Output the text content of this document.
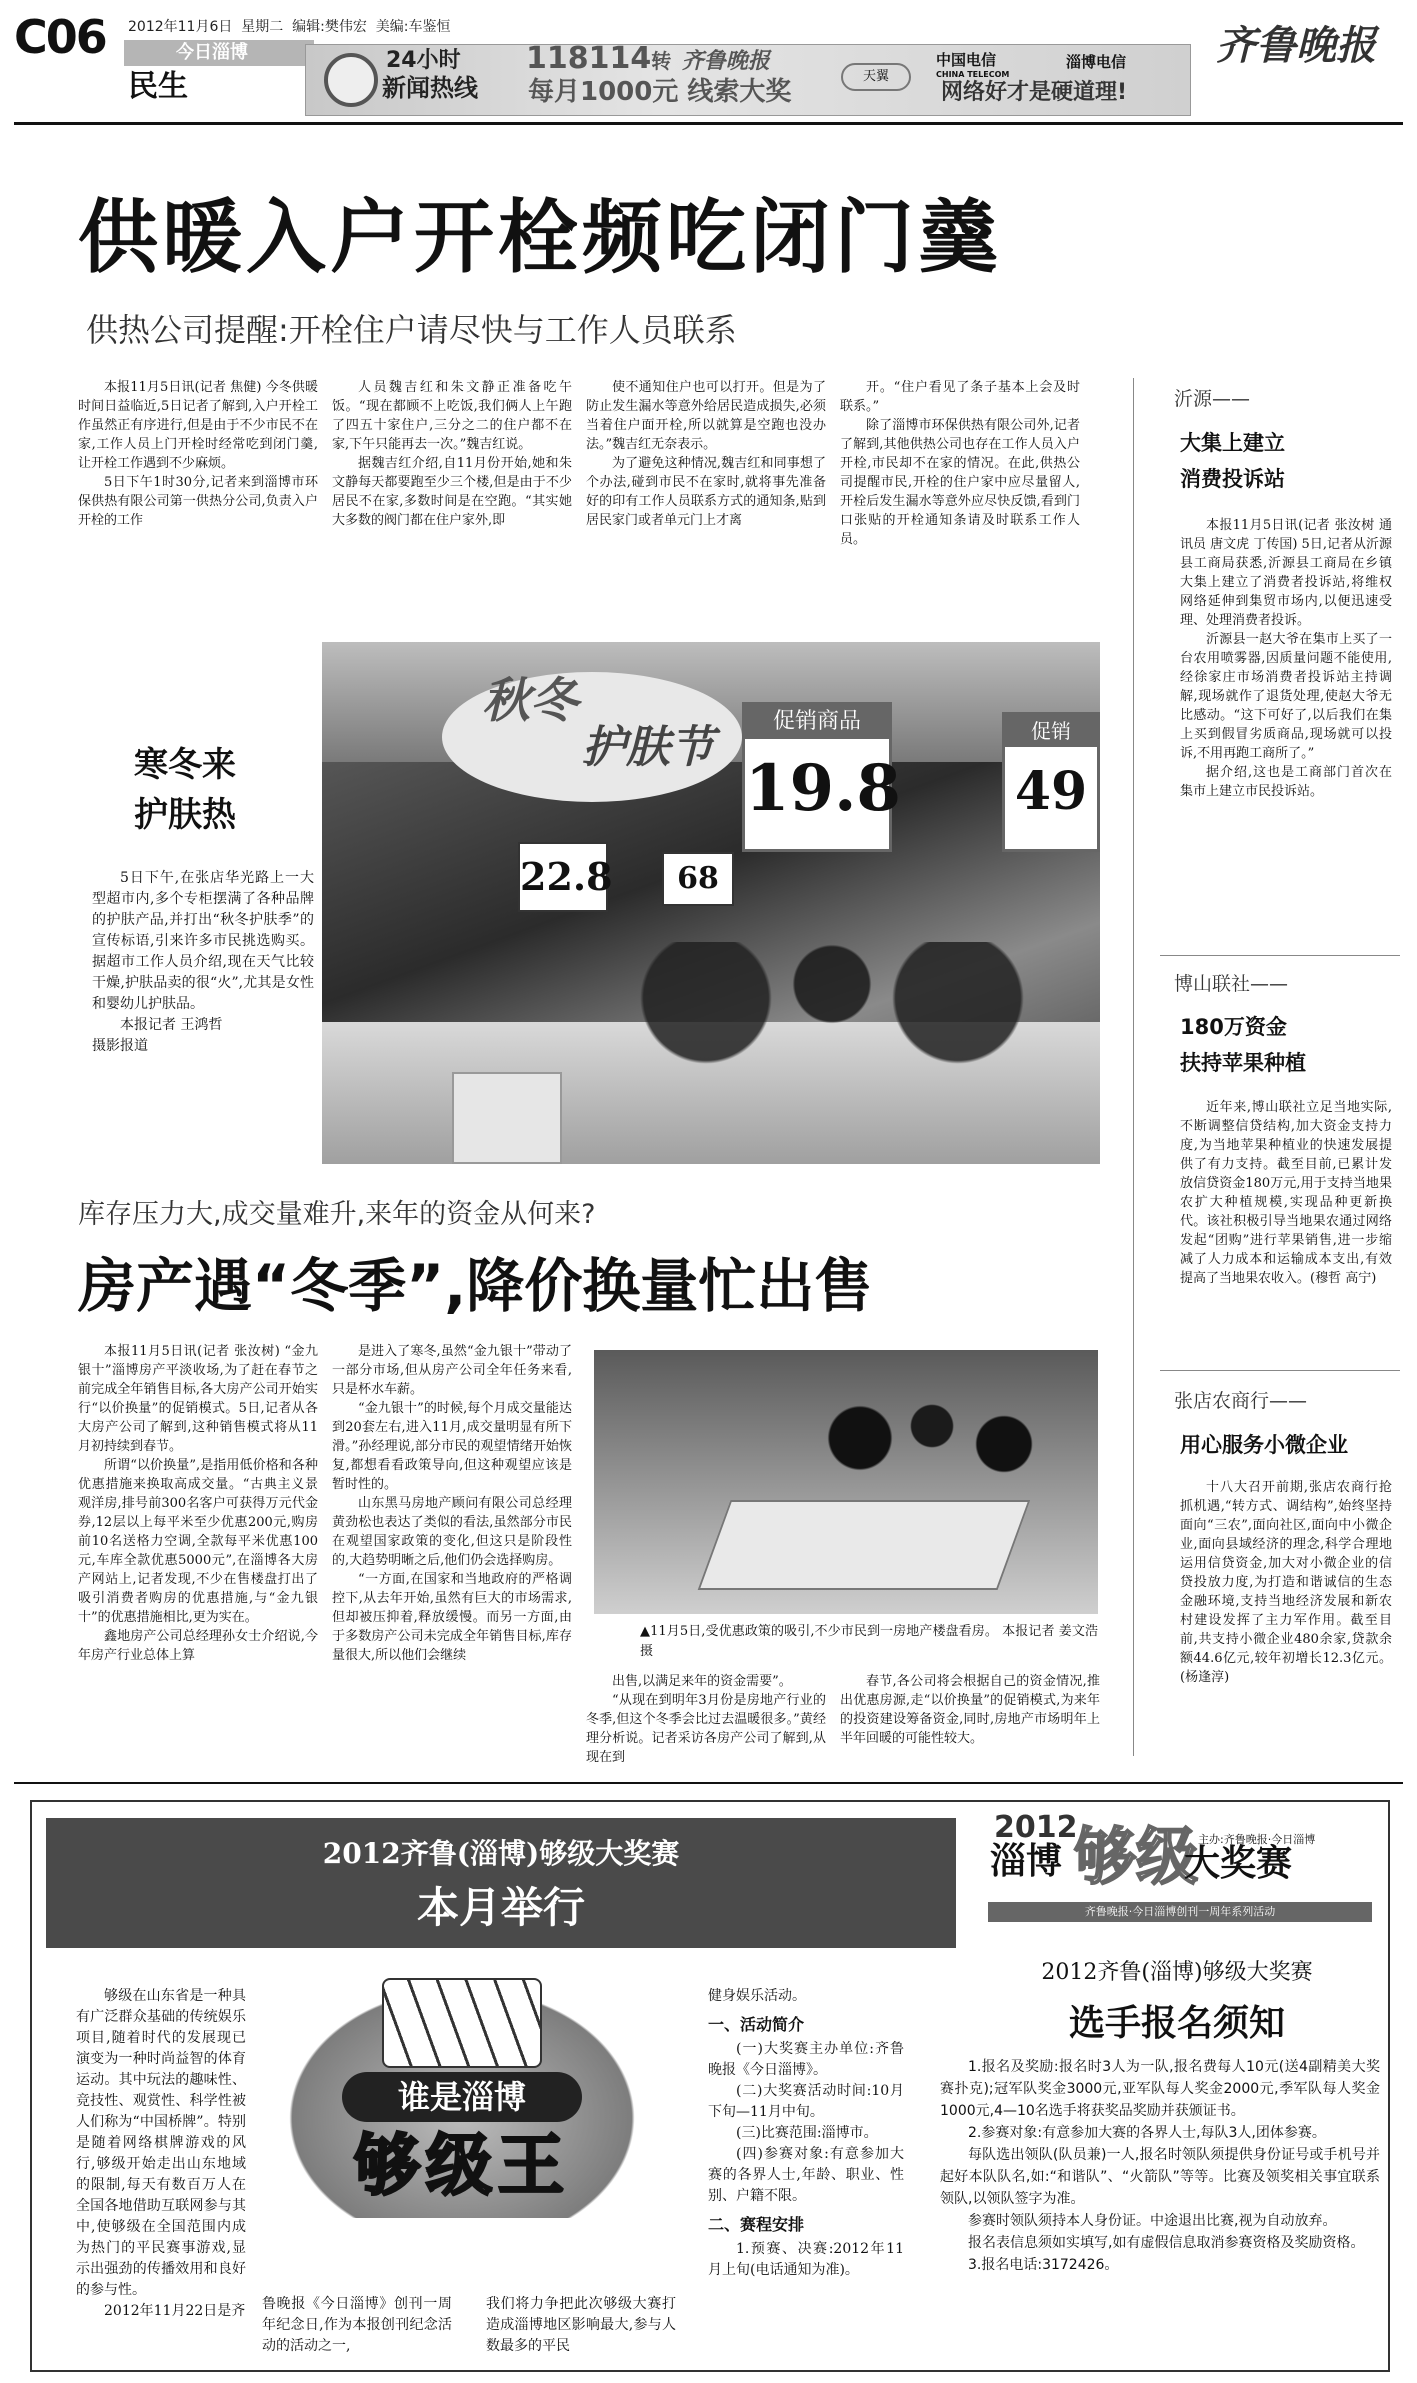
C06 2012年11月6日 星期二 编辑:樊伟宏 美编:车鉴恒
今日淄博
民生
齐鲁晚报
24小时
新闻热线
118114转 齐鲁晚报
每月1000元 线索大奖
天翼
中国电信
CHINA TELECOM
淄博电信
网络好才是硬道理!
供暖入户开栓频吃闭门羹
供热公司提醒:开栓住户请尽快与工作人员联系

本报11月5日讯(记者 焦健) 今冬供暖时间日益临近,5日记者了解到,入户开栓工作虽然正有序进行,但是由于不少市民不在家,工作人员上门开栓时经常吃到闭门羹,让开栓工作遇到不少麻烦。

5日下午1时30分,记者来到淄博市环保供热有限公司第一供热分公司,负责入户开栓的工作

人员魏吉红和朱文静正准备吃午饭。“现在都顾不上吃饭,我们俩人上午跑了四五十家住户,三分之二的住户都不在家,下午只能再去一次。”魏吉红说。

据魏吉红介绍,自11月份开始,她和朱文静每天都要跑至少三个楼,但是由于不少居民不在家,多数时间是在空跑。“其实她大多数的阀门都在住户家外,即

使不通知住户也可以打开。但是为了防止发生漏水等意外给居民造成损失,必须当着住户面开栓,所以就算是空跑也没办法。”魏吉红无奈表示。

为了避免这种情况,魏吉红和同事想了个办法,碰到市民不在家时,就将事先准备好的印有工作人员联系方式的通知条,贴到居民家门或者单元门上才离

开。“住户看见了条子基本上会及时联系。”

除了淄博市环保供热有限公司外,记者了解到,其他供热公司也存在工作人员入户开栓,市民却不在家的情况。在此,供热公司提醒市民,开栓的住户家中应尽量留人,开栓后发生漏水等意外应尽快反馈,看到门口张贴的开栓通知条请及时联系工作人员。

寒冬来
护肤热

5日下午,在张店华光路上一大型超市内,多个专柜摆满了各种品牌的护肤产品,并打出“秋冬护肤季”的宣传标语,引来许多市民挑选购买。据超市工作人员介绍,现在天气比较干燥,护肤品卖的很“火”,尤其是女性和婴幼儿护肤品。

本报记者 王鸿哲

摄影报道

秋冬
护肤节
促销商品
19.8
22.8	68
促销
49
库存压力大,成交量难升,来年的资金从何来?
房产遇“冬季”,降价换量忙出售

本报11月5日讯(记者 张汝树) “金九银十”淄博房产平淡收场,为了赶在春节之前完成全年销售目标,各大房产公司开始实行“以价换量”的促销模式。5日,记者从各大房产公司了解到,这种销售模式将从11月初持续到春节。

所谓“以价换量”,是指用低价格和各种优惠措施来换取高成交量。“古典主义景观洋房,排号前300名客户可获得万元代金券,12层以上每平米至少优惠200元,购房前10名送格力空调,全款每平米优惠100元,车库全款优惠5000元”,在淄博各大房产网站上,记者发现,不少在售楼盘打出了吸引消费者购房的优惠措施,与“金九银十”的优惠措施相比,更为实在。

鑫地房产公司总经理孙女士介绍说,今年房产行业总体上算

是进入了寒冬,虽然“金九银十”带动了一部分市场,但从房产公司全年任务来看,只是杯水车薪。

“金九银十”的时候,每个月成交量能达到20套左右,进入11月,成交量明显有所下滑。”孙经理说,部分市民的观望情绪开始恢复,都想看看政策导向,但这种观望应该是暂时性的。

山东黑马房地产顾问有限公司总经理黄劲松也表达了类似的看法,虽然部分市民在观望国家政策的变化,但这只是阶段性的,大趋势明晰之后,他们仍会选择购房。

“一方面,在国家和当地政府的严格调控下,从去年开始,虽然有巨大的市场需求,但却被压抑着,释放缓慢。而另一方面,由于多数房产公司未完成全年销售目标,库存量很大,所以他们会继续

▲11月5日,受优惠政策的吸引,不少市民到一房地产楼盘看房。 本报记者 姜文浩 摄

出售,以满足来年的资金需要”。

“从现在到明年3月份是房地产行业的冬季,但这个冬季会比过去温暖很多。”黄经理分析说。记者采访各房产公司了解到,从现在到

春节,各公司将会根据自己的资金情况,推出优惠房源,走“以价换量”的促销模式,为来年的投资建设筹备资金,同时,房地产市场明年上半年回暖的可能性较大。

沂源——
大集上建立
消费投诉站

本报11月5日讯(记者 张汝树 通讯员 唐文虎 丁传国) 5日,记者从沂源县工商局获悉,沂源县工商局在乡镇大集上建立了消费者投诉站,将维权网络延伸到集贸市场内,以便迅速受理、处理消费者投诉。

沂源县一赵大爷在集市上买了一台农用喷雾器,因质量问题不能使用,经徐家庄市场消费者投诉站主持调解,现场就作了退货处理,使赵大爷无比感动。“这下可好了,以后我们在集上买到假冒劣质商品,现场就可以投诉,不用再跑工商所了。”

据介绍,这也是工商部门首次在集市上建立市民投诉站。

博山联社——
180万资金
扶持苹果种植

近年来,博山联社立足当地实际,不断调整信贷结构,加大资金支持力度,为当地苹果种植业的快速发展提供了有力支持。截至目前,已累计发放信贷资金180万元,用于支持当地果农扩大种植规模,实现品种更新换代。该社积极引导当地果农通过网络发起“团购”进行苹果销售,进一步缩减了人力成本和运输成本支出,有效提高了当地果农收入。(穆哲 高宁)

张店农商行——
用心服务小微企业

十八大召开前期,张店农商行抢抓机遇,“转方式、调结构”,始终坚持面向“三农”,面向社区,面向中小微企业,面向县域经济的理念,科学合理地运用信贷资金,加大对小微企业的信贷投放力度,为打造和谐诚信的生态金融环境,支持当地经济发展和新农村建设发挥了主力军作用。截至目前,共支持小微企业480余家,贷款余额44.6亿元,较年初增长12.3亿元。(杨逢淳)

2012齐鲁(淄博)够级大奖赛
本月举行

够级在山东省是一种具有广泛群众基础的传统娱乐项目,随着时代的发展现已演变为一种时尚益智的体育运动。其中玩法的趣味性、竞技性、观赏性、科学性被人们称为“中国桥牌”。特别是随着网络棋牌游戏的风行,够级开始走出山东地域的限制,每天有数百万人在全国各地借助互联网参与其中,使够级在全国范围内成为热门的平民赛事游戏,显示出强劲的传播效用和良好的参与性。

2012年11月22日是齐

谁是淄博
够级王
鲁晚报《今日淄博》创刊一周年纪念日,作为本报创刊纪念活动的活动之一,
我们将力争把此次够级大赛打造成淄博地区影响最大,参与人数最多的平民

健身娱乐活动。

一、活动简介

(一)大奖赛主办单位:齐鲁晚报《今日淄博》。

(二)大奖赛活动时间:10月下旬—11月中旬。

(三)比赛范围:淄博市。

(四)参赛对象:有意参加大赛的各界人士,年龄、职业、性别、户籍不限。

二、赛程安排

1.预赛、决赛:2012年11月上旬(电话通知为准)。

2012
淄博 够级
大奖赛
主办:齐鲁晚报·今日淄博
齐鲁晚报·今日淄博创刊一周年系列活动
2012齐鲁(淄博)够级大奖赛
选手报名须知

1.报名及奖励:报名时3人为一队,报名费每人10元(送4副精美大奖赛扑克);冠军队奖金3000元,亚军队每人奖金2000元,季军队每人奖金1000元,4—10名选手将获奖品奖励并获颁证书。

2.参赛对象:有意参加大赛的各界人士,每队3人,团体参赛。

每队选出领队(队员兼)一人,报名时领队须提供身份证号或手机号并起好本队队名,如:“和谐队”、“火箭队”等等。比赛及领奖相关事宜联系领队,以领队签字为准。

参赛时领队须持本人身份证。中途退出比赛,视为自动放弃。

报名表信息须如实填写,如有虚假信息取消参赛资格及奖励资格。

3.报名电话:3172426。
